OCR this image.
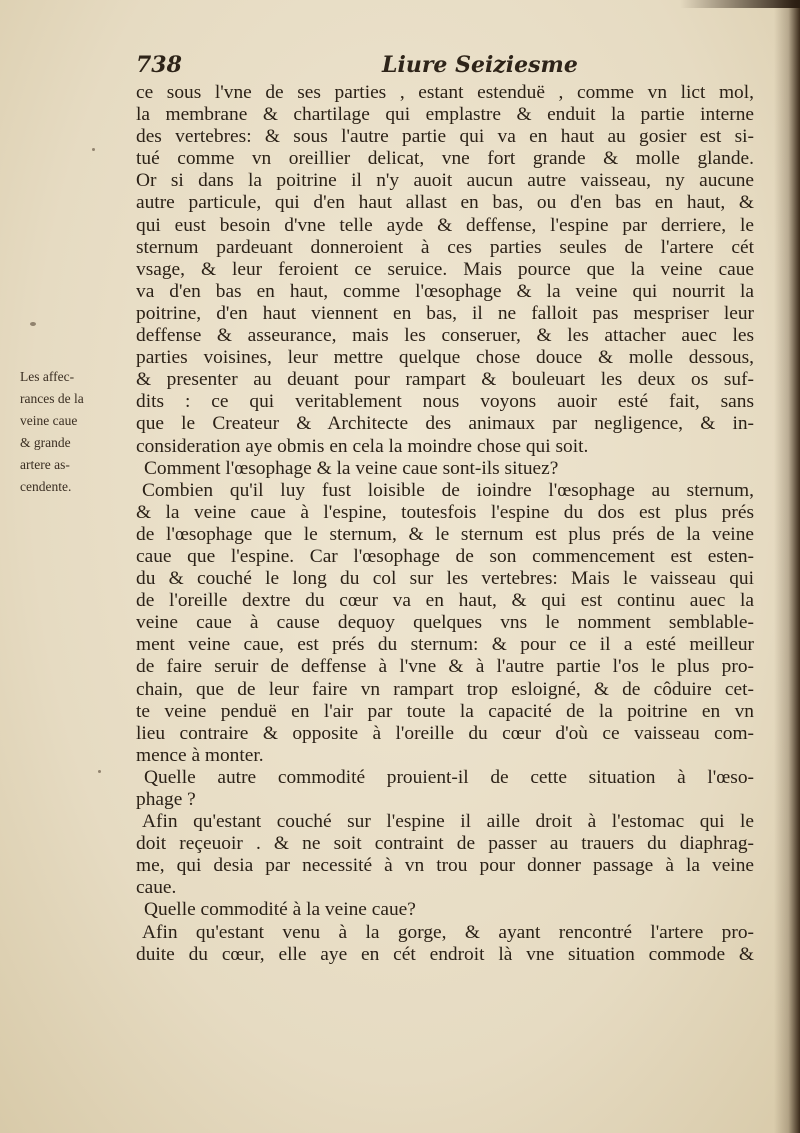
738	Liure Seiziesme
Les affec-
rances de la
veine caue
& grande
artere as-
cendente.
ce sous l'vne de ses parties , estant estenduë , comme vn lict mol,
la membrane & chartilage qui emplastre & enduit la partie interne
des vertebres: & sous l'autre partie qui va en haut au gosier est si-
tué comme vn oreillier delicat, vne fort grande & molle glande.
Or si dans la poitrine il n'y auoit aucun autre vaisseau, ny aucune
autre particule, qui d'en haut allast en bas, ou d'en bas en haut, &
qui eust besoin d'vne telle ayde & deffense, l'espine par derriere, le
sternum pardeuant donneroient à ces parties seules de l'artere cét
vsage, & leur feroient ce seruice. Mais pource que la veine caue
va d'en bas en haut, comme l'œsophage & la veine qui nourrit la
poitrine, d'en haut viennent en bas, il ne falloit pas mespriser leur
deffense & asseurance, mais les conseruer, & les attacher auec les
parties voisines, leur mettre quelque chose douce & molle dessous,
& presenter au deuant pour rampart & bouleuart les deux os suf-
dits : ce qui veritablement nous voyons auoir esté fait, sans
que le Createur & Architecte des animaux par negligence, & in-
consideration aye obmis en cela la moindre chose qui soit.
Comment l'œsophage & la veine caue sont-ils situez?
Combien qu'il luy fust loisible de ioindre l'œsophage au sternum,
& la veine caue à l'espine, toutesfois l'espine du dos est plus prés
de l'œsophage que le sternum, & le sternum est plus prés de la veine
caue que l'espine. Car l'œsophage de son commencement est esten-
du & couché le long du col sur les vertebres: Mais le vaisseau qui
de l'oreille dextre du cœur va en haut, & qui est continu auec la
veine caue à cause dequoy quelques vns le nomment semblable-
ment veine caue, est prés du sternum: & pour ce il a esté meilleur
de faire seruir de deffense à l'vne & à l'autre partie l'os le plus pro-
chain, que de leur faire vn rampart trop esloigné, & de côduire cet-
te veine penduë en l'air par toute la capacité de la poitrine en vn
lieu contraire & opposite à l'oreille du cœur d'où ce vaisseau com-
mence à monter.
Quelle autre commodité prouient-il de cette situation à l'œso-
phage ?
Afin qu'estant couché sur l'espine il aille droit à l'estomac qui le
doit reçeuoir . & ne soit contraint de passer au trauers du diaphrag-
me, qui desia par necessité à vn trou pour donner passage à la veine
caue.
Quelle commodité à la veine caue?
Afin qu'estant venu à la gorge, & ayant rencontré l'artere pro-
duite du cœur, elle aye en cét endroit là vne situation commode &
